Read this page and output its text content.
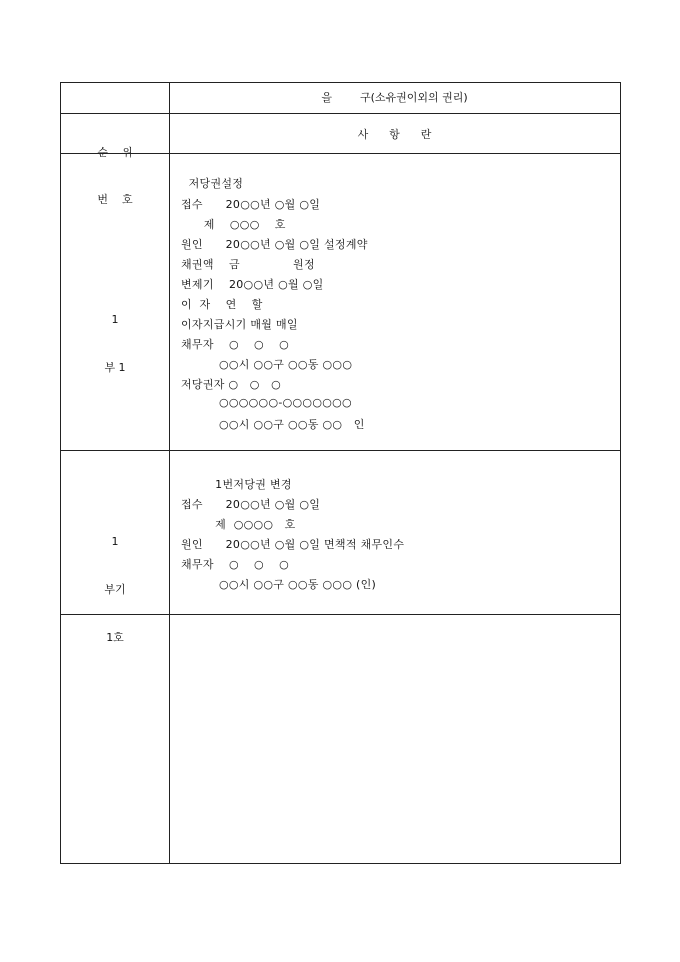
을        구(소유권이외의 권리)

순    위

번    호

사      항      란

1

부 1

저당권설정
접수      20○○년 ○월 ○일
제    ○○○    호
원인      20○○년 ○월 ○일 설정계약
채권액    금              원정
변제기    20○○년 ○월 ○일
이  자    연    할
이자지급시기 매월 매일
채무자    ○    ○    ○
○○시 ○○구 ○○동 ○○○
저당권자 ○   ○   ○
○○○○○○-○○○○○○○
○○시 ○○구 ○○동 ○○   인

1

부기

1호

1번저당권 변경
접수      20○○년 ○월 ○일
제  ○○○○   호
원인      20○○년 ○월 ○일 면책적 채무인수
채무자    ○    ○    ○
○○시 ○○구 ○○동 ○○○ (인)
